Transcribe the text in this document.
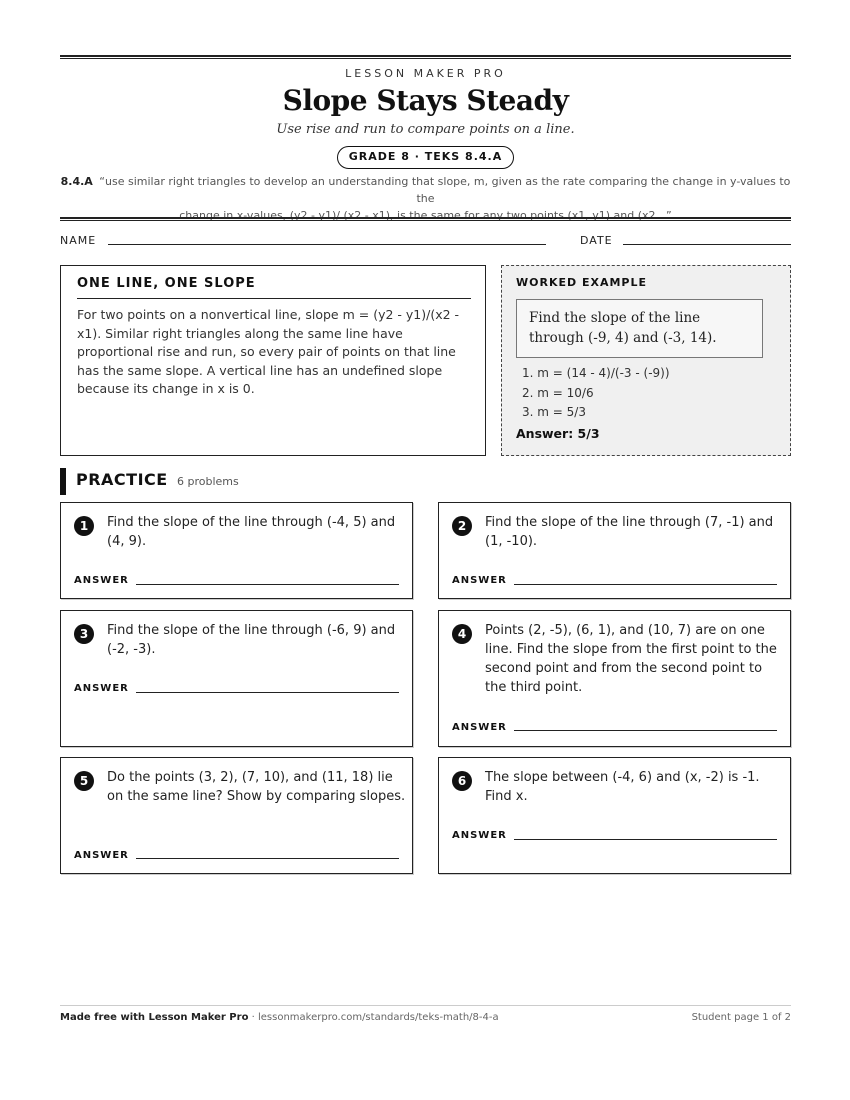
LESSON MAKER PRO
Slope Stays Steady
Use rise and run to compare points on a line.
GRADE 8 · TEKS 8.4.A
8.4.A “use similar right triangles to develop an understanding that slope, m, given as the rate comparing the change in y-values to the
change in x-values, (y2 - y1)/ (x2 - x1), is the same for any two points (x1, y1) and (x2...”
NAME	DATE
ONE LINE, ONE SLOPE
For two points on a nonvertical line, slope m = (y2 - y1)/(x2 - x1). Similar right triangles along the same line have proportional rise and run, so every pair of points on that line has the same slope. A vertical line has an undefined slope because its change in x is 0.
WORKED EXAMPLE
Find the slope of the line through (-9, 4) and (-3, 14).
1. m = (14 - 4)/(-3 - (-9))
2. m = 10/6
3. m = 5/3
Answer: 5/3
PRACTICE 6 problems
1	Find the slope of the line through (-4, 5) and (4, 9).
ANSWER
2	Find the slope of the line through (7, -1) and (1, -10).
ANSWER
3	Find the slope of the line through (-6, 9) and (-2, -3).
ANSWER
4	Points (2, -5), (6, 1), and (10, 7) are on one line. Find the slope from the first point to the second point and from the second point to the third point.
ANSWER
5	Do the points (3, 2), (7, 10), and (11, 18) lie on the same line? Show by comparing slopes.
ANSWER
6	The slope between (-4, 6) and (x, -2) is -1. Find x.
ANSWER
Made free with Lesson Maker Pro · lessonmakerpro.com/standards/teks-math/8-4-a	Student page 1 of 2
